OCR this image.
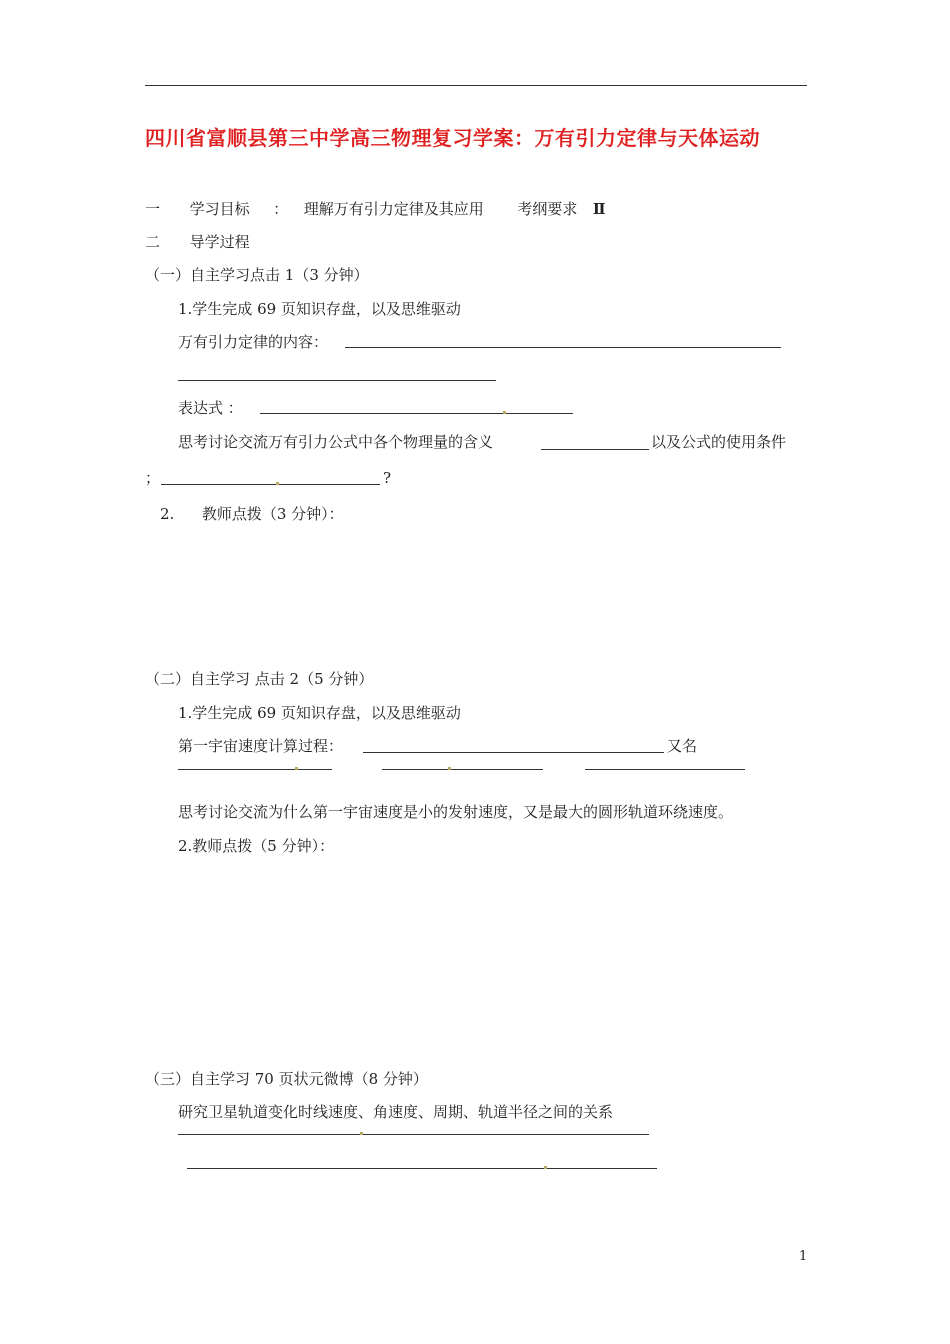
四川省富顺县第三中学高三物理复习学案：万有引力定律与天体运动
一 学习目标 ： 理解万有引力定律及其应用 考纲要求 Ⅱ
二 导学过程
（一）自主学习点击 1（3 分钟）
1.学生完成 69 页知识存盘，以及思维驱动
万有引力定律的内容：
表达式 ：
思考讨论交流万有引力公式中各个物理量的含义	以及公式的使用条件
；	?
2. 教师点拨（3 分钟）：
（二）自主学习 点击 2（5 分钟）
1.学生完成 69 页知识存盘，以及思维驱动
第一宇宙速度计算过程：	又名
思考讨论交流为什么第一宇宙速度是小的发射速度，又是最大的圆形轨道环绕速度。
2.教师点拨（5 分钟）：
（三）自主学习 70 页状元微博（8 分钟）
研究卫星轨道变化时线速度、角速度、周期、轨道半径之间的关系
1
